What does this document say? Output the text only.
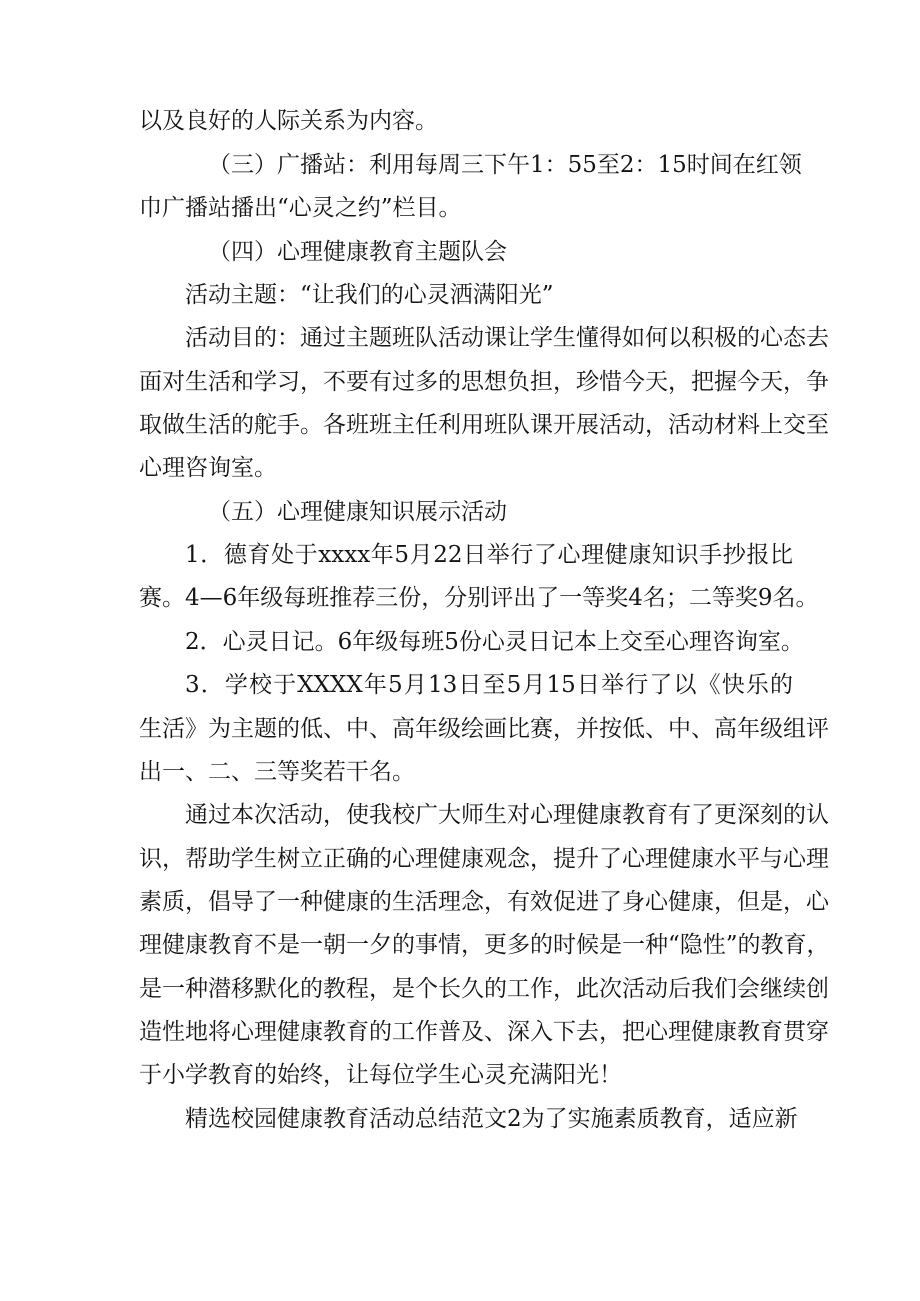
以及良好的人际关系为内容。
（三）广播站：利用每周三下午1：55至2：15时间在红领
巾广播站播出“心灵之约”栏目。
（四）心理健康教育主题队会
活动主题：“让我们的心灵洒满阳光”
活动目的：通过主题班队活动课让学生懂得如何以积极的心态去
面对生活和学习，不要有过多的思想负担，珍惜今天，把握今天，争
取做生活的舵手。各班班主任利用班队课开展活动，活动材料上交至
心理咨询室。
（五）心理健康知识展示活动
1．德育处于xxxx年5月22日举行了心理健康知识手抄报比
赛。4—6年级每班推荐三份，分别评出了一等奖4名；二等奖9名。
2．心灵日记。6年级每班5份心灵日记本上交至心理咨询室。
3．学校于XXXX年5月13日至5月15日举行了以《快乐的
生活》为主题的低、中、高年级绘画比赛，并按低、中、高年级组评
出一、二、三等奖若干名。
通过本次活动，使我校广大师生对心理健康教育有了更深刻的认
识，帮助学生树立正确的心理健康观念，提升了心理健康水平与心理
素质，倡导了一种健康的生活理念，有效促进了身心健康，但是，心
理健康教育不是一朝一夕的事情，更多的时候是一种“隐性”的教育，
是一种潜移默化的教程，是个长久的工作，此次活动后我们会继续创
造性地将心理健康教育的工作普及、深入下去，把心理健康教育贯穿
于小学教育的始终，让每位学生心灵充满阳光！
精选校园健康教育活动总结范文2为了实施素质教育，适应新
